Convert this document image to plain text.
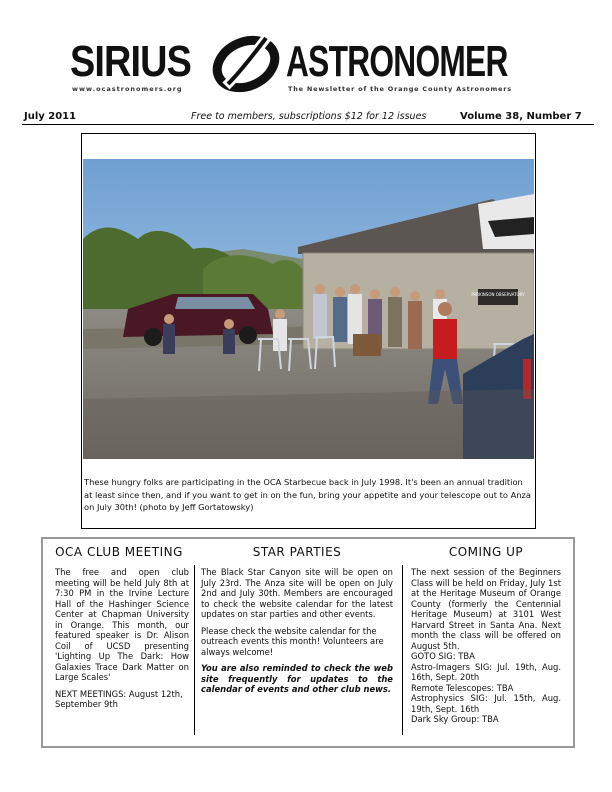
SIRIUS ASTRONOMER
www.ocastronomers.org	The Newsletter of the Orange County Astronomers
July 2011	Free to members, subscriptions $12 for 12 issues	Volume 38, Number 7
PARKINSON OBSERVATORY
These hungry folks are participating in the OCA Starbecue back in July 1998. It's been an annual tradition at least since then, and if you want to get in on the fun, bring your appetite and your telescope out to Anza on July 30th! (photo by Jeff Gortatowsky)
OCA CLUB MEETING

The free and open club meeting will be held July 8th at 7:30 PM in the Irvine Lecture Hall of the Hashinger Science Center at Chapman University in Orange. This month, our featured speaker is Dr. Alison Coil of UCSD presenting 'Lighting Up The Dark: How Galaxies Trace Dark Matter on Large Scales'

NEXT MEETINGS: August 12th, September 9th

STAR PARTIES

The Black Star Canyon site will be open on July 23rd. The Anza site will be open on July 2nd and July 30th. Members are encouraged to check the website calendar for the latest updates on star parties and other events.

Please check the website calendar for the outreach events this month! Volunteers are always welcome!

You are also reminded to check the web site frequently for updates to the calendar of events and other club news.

COMING UP

The next session of the Beginners Class will be held on Friday, July 1st at the Heritage Museum of Orange County (formerly the Centennial Heritage Museum) at 3101 West Harvard Street in Santa Ana. Next month the class will be offered on August 5th.

GOTO SIG: TBA
Astro-Imagers SIG: Jul. 19th, Aug. 16th, Sept. 20th
Remote Telescopes: TBA
Astrophysics SIG: Jul. 15th, Aug. 19th, Sept. 16th
Dark Sky Group: TBA
